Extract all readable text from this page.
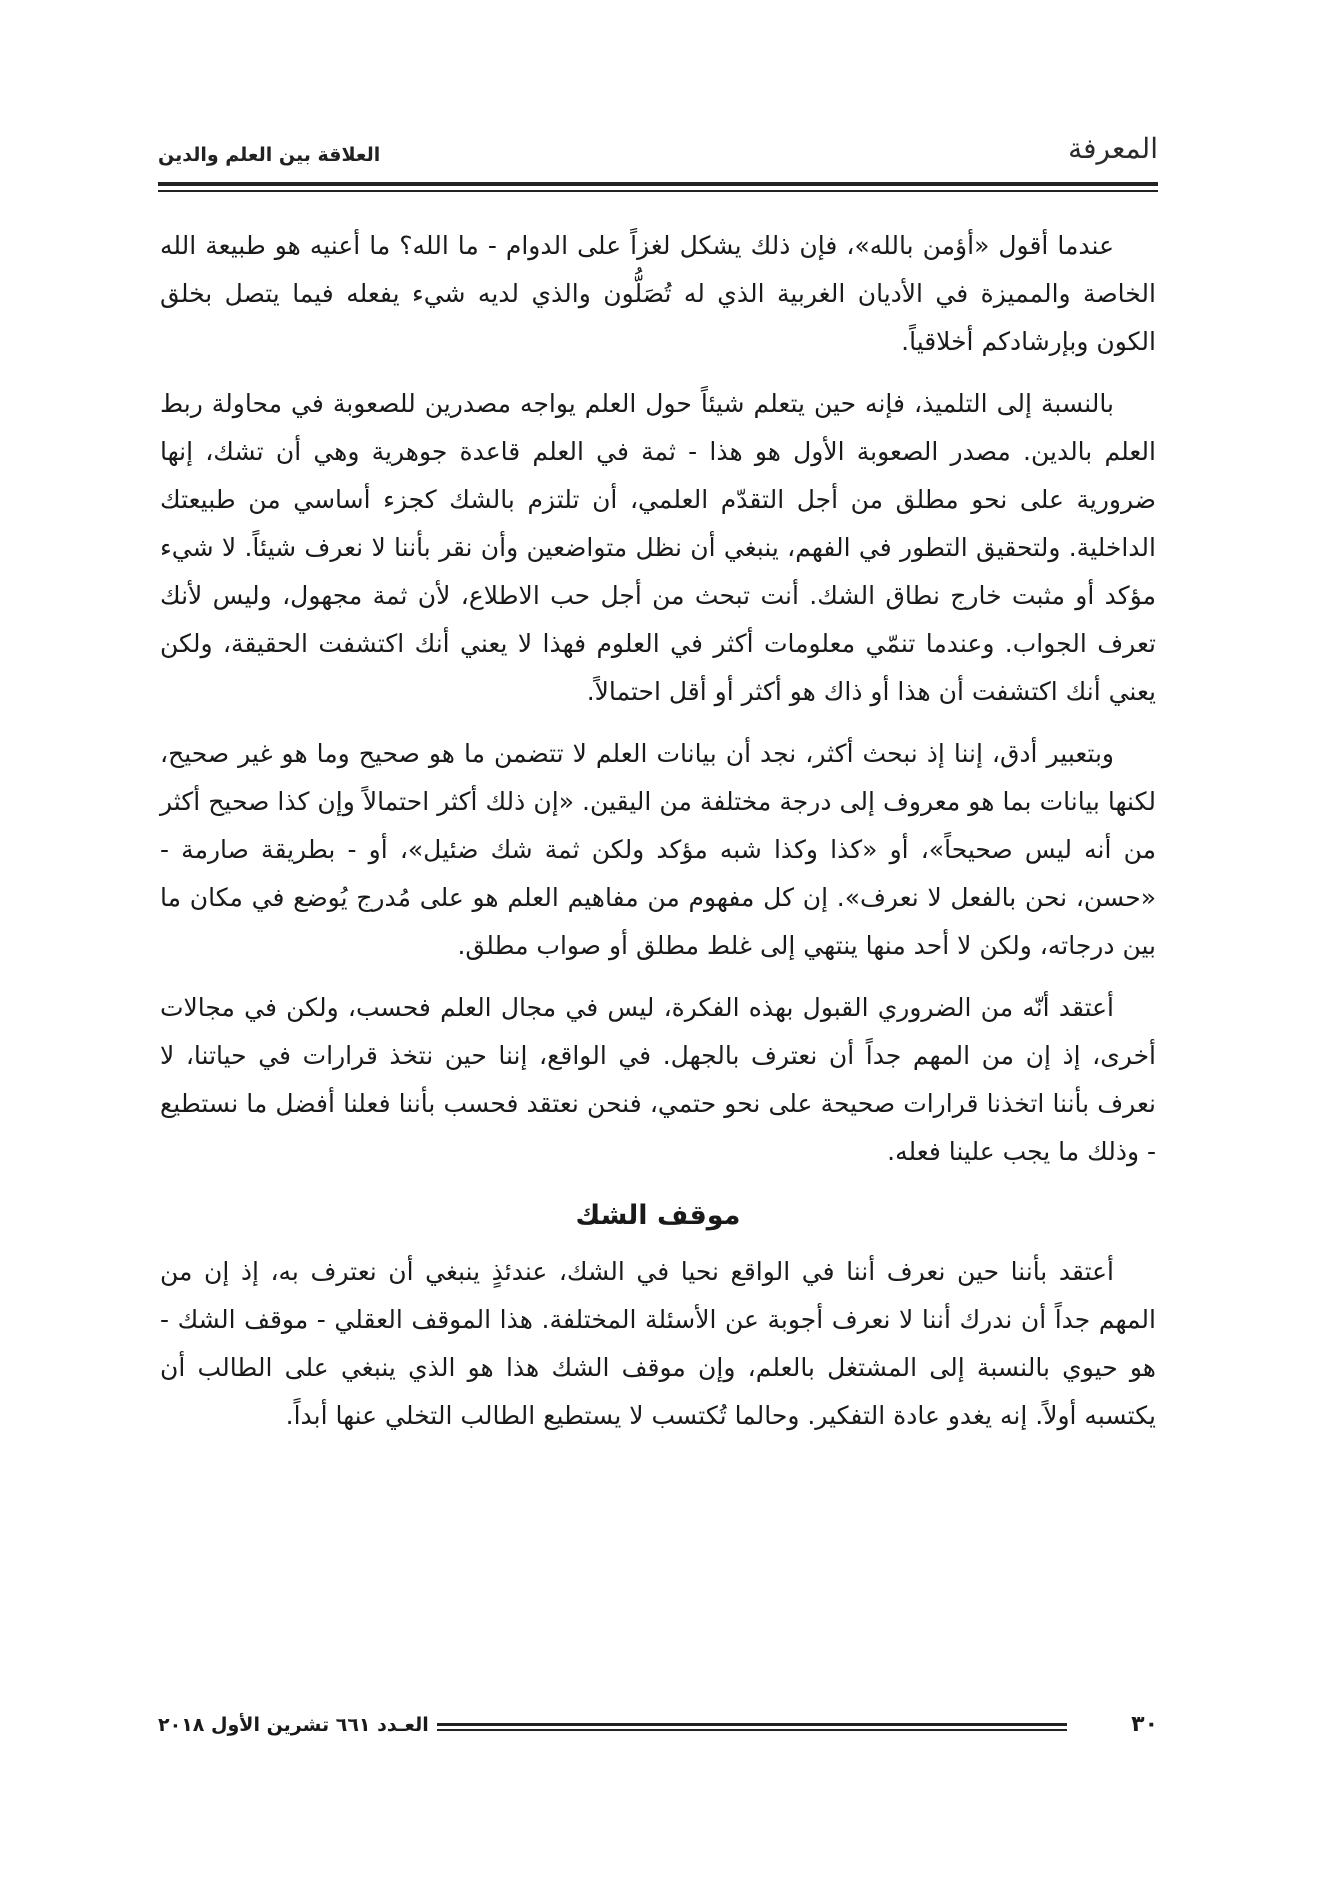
المعرفة
العلاقة بين العلم والدين

عندما أقول «أؤمن بالله»، فإن ذلك يشكل لغزاً على الدوام - ما الله؟ ما أعنيه هو طبيعة الله الخاصة والمميزة في الأديان الغربية الذي له تُصَلُّون والذي لديه شيء يفعله فيما يتصل بخلق الكون وبإرشادكم أخلاقياً.

بالنسبة إلى التلميذ، فإنه حين يتعلم شيئاً حول العلم يواجه مصدرين للصعوبة في محاولة ربط العلم بالدين. مصدر الصعوبة الأول هو هذا - ثمة في العلم قاعدة جوهرية وهي أن تشك، إنها ضرورية على نحو مطلق من أجل التقدّم العلمي، أن تلتزم بالشك كجزء أساسي من طبيعتك الداخلية. ولتحقيق التطور في الفهم، ينبغي أن نظل متواضعين وأن نقر بأننا لا نعرف شيئاً. لا شيء مؤكد أو مثبت خارج نطاق الشك. أنت تبحث من أجل حب الاطلاع، لأن ثمة مجهول، وليس لأنك تعرف الجواب. وعندما تنمّي معلومات أكثر في العلوم فهذا لا يعني أنك اكتشفت الحقيقة، ولكن يعني أنك اكتشفت أن هذا أو ذاك هو أكثر أو أقل احتمالاً.

وبتعبير أدق، إننا إذ نبحث أكثر، نجد أن بيانات العلم لا تتضمن ما هو صحيح وما هو غير صحيح، لكنها بيانات بما هو معروف إلى درجة مختلفة من اليقين. «إن ذلك أكثر احتمالاً وإن كذا صحيح أكثر من أنه ليس صحيحاً»، أو «كذا وكذا شبه مؤكد ولكن ثمة شك ضئيل»، أو - بطريقة صارمة - «حسن، نحن بالفعل لا نعرف». إن كل مفهوم من مفاهيم العلم هو على مُدرج يُوضع في مكان ما بين درجاته، ولكن لا أحد منها ينتهي إلى غلط مطلق أو صواب مطلق.

أعتقد أنّه من الضروري القبول بهذه الفكرة، ليس في مجال العلم فحسب، ولكن في مجالات أخرى، إذ إن من المهم جداً أن نعترف بالجهل. في الواقع، إننا حين نتخذ قرارات في حياتنا، لا نعرف بأننا اتخذنا قرارات صحيحة على نحو حتمي، فنحن نعتقد فحسب بأننا فعلنا أفضل ما نستطيع - وذلك ما يجب علينا فعله.

موقف الشك

أعتقد بأننا حين نعرف أننا في الواقع نحيا في الشك، عندئذٍ ينبغي أن نعترف به، إذ إن من المهم جداً أن ندرك أننا لا نعرف أجوبة عن الأسئلة المختلفة. هذا الموقف العقلي - موقف الشك - هو حيوي بالنسبة إلى المشتغل بالعلم، وإن موقف الشك هذا هو الذي ينبغي على الطالب أن يكتسبه أولاً. إنه يغدو عادة التفكير. وحالما تُكتسب لا يستطيع الطالب التخلي عنها أبداً.

٣٠
العـدد ٦٦١ تشرين الأول ٢٠١٨
